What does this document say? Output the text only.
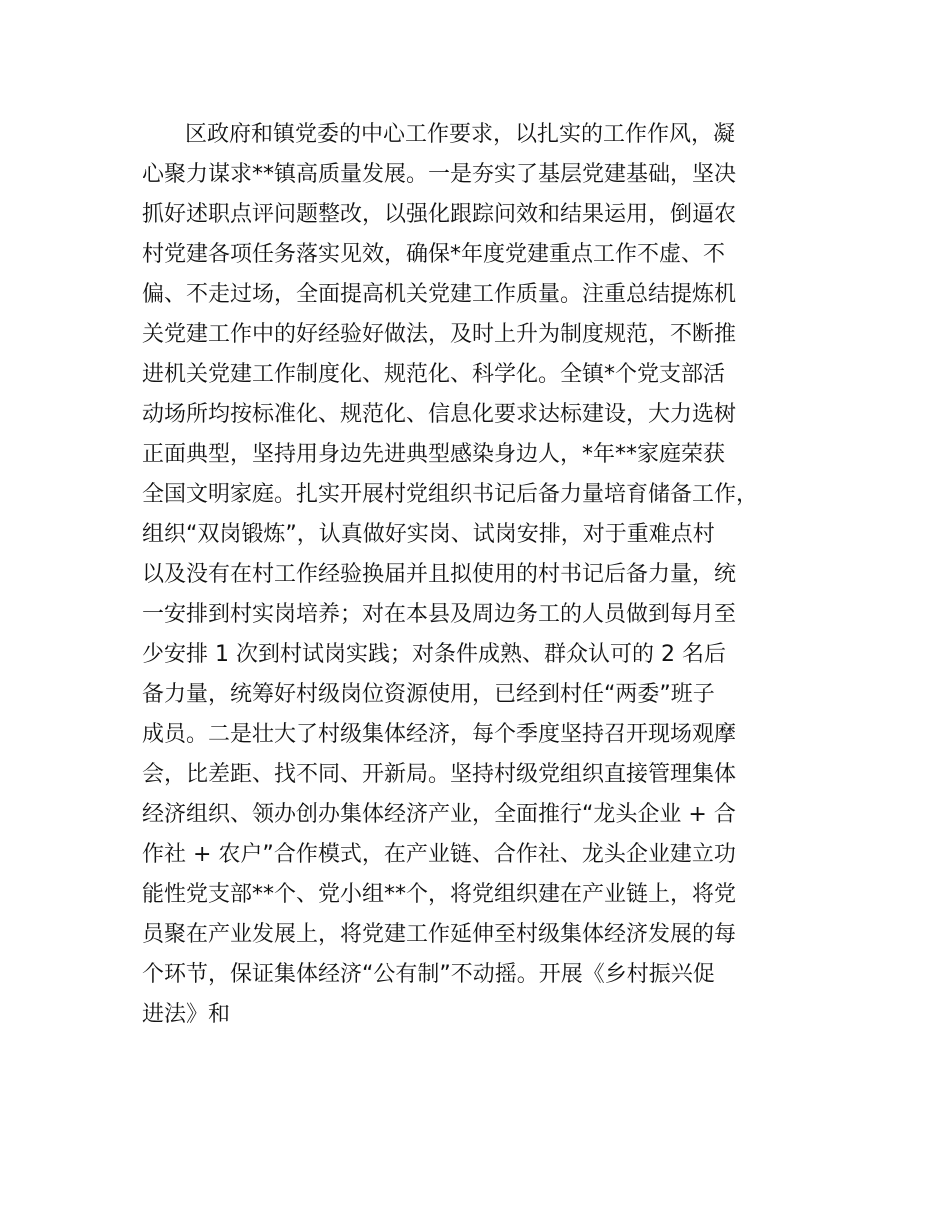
区政府和镇党委的中心工作要求，以扎实的工作作风，凝
心聚力谋求**镇高质量发展。一是夯实了基层党建基础，坚决
抓好述职点评问题整改，以强化跟踪问效和结果运用，倒逼农
村党建各项任务落实见效，确保*年度党建重点工作不虚、不
偏、不走过场，全面提高机关党建工作质量。注重总结提炼机
关党建工作中的好经验好做法，及时上升为制度规范，不断推
进机关党建工作制度化、规范化、科学化。全镇*个党支部活
动场所均按标准化、规范化、信息化要求达标建设，大力选树
正面典型，坚持用身边先进典型感染身边人，*年**家庭荣获
全国文明家庭。扎实开展村党组织书记后备力量培育储备工作，
组织“双岗锻炼”，认真做好实岗、试岗安排，对于重难点村
以及没有在村工作经验换届并且拟使用的村书记后备力量，统
一安排到村实岗培养；对在本县及周边务工的人员做到每月至
少安排 1 次到村试岗实践；对条件成熟、群众认可的 2 名后
备力量，统筹好村级岗位资源使用，已经到村任“两委”班子
成员。二是壮大了村级集体经济，每个季度坚持召开现场观摩
会，比差距、找不同、开新局。坚持村级党组织直接管理集体
经济组织、领办创办集体经济产业，全面推行“龙头企业 + 合
作社 + 农户”合作模式，在产业链、合作社、龙头企业建立功
能性党支部**个、党小组**个，将党组织建在产业链上，将党
员聚在产业发展上，将党建工作延伸至村级集体经济发展的每
个环节，保证集体经济“公有制”不动摇。开展《乡村振兴促
进法》和
